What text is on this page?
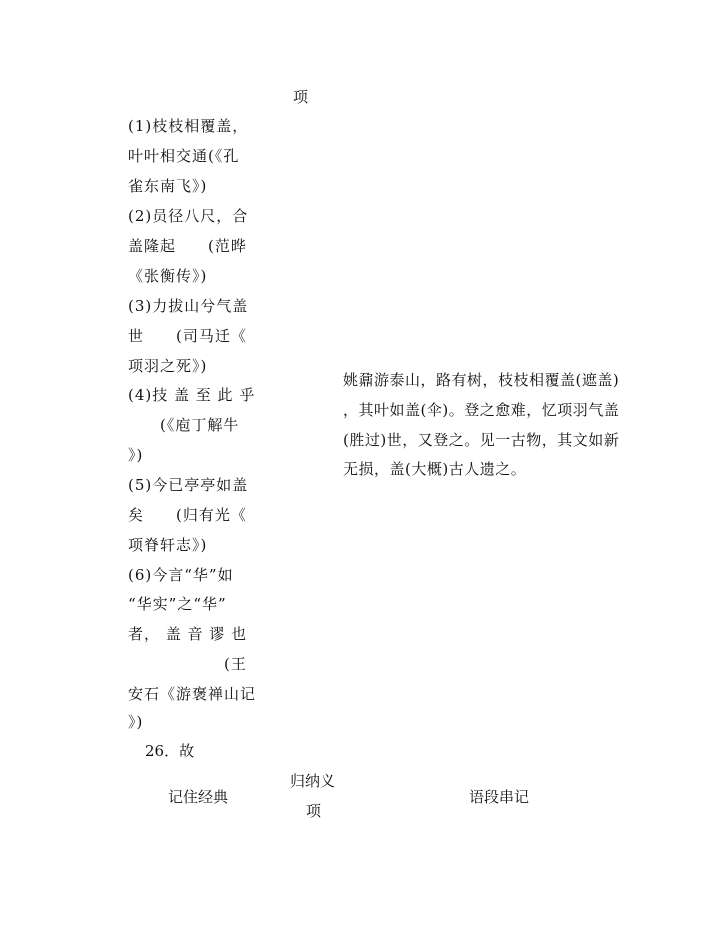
项
(1)枝枝相覆盖，
叶叶相交通(《孔
雀东南飞》)
(2)员径八尺，合
盖隆起　　(范晔
《张衡传》)
(3)力拔山兮气盖
世　　(司马迁《
项羽之死》)
(4)技 盖 至 此 乎
　　(《庖丁解牛
》)
(5)今已亭亭如盖
矣　　(归有光《
项脊轩志》)
(6)今言“华”如
“华实”之“华”
者， 盖 音 谬 也
　　　　　　(王
安石《游褒禅山记
》)
姚鼐游泰山，路有树，枝枝相覆盖(遮盖)
，其叶如盖(伞)。登之愈难，忆项羽气盖
(胜过)世，又登之。见一古物，其文如新
无损，盖(大概)古人遗之。
26．故
记住经典
归纳义
项
语段串记
